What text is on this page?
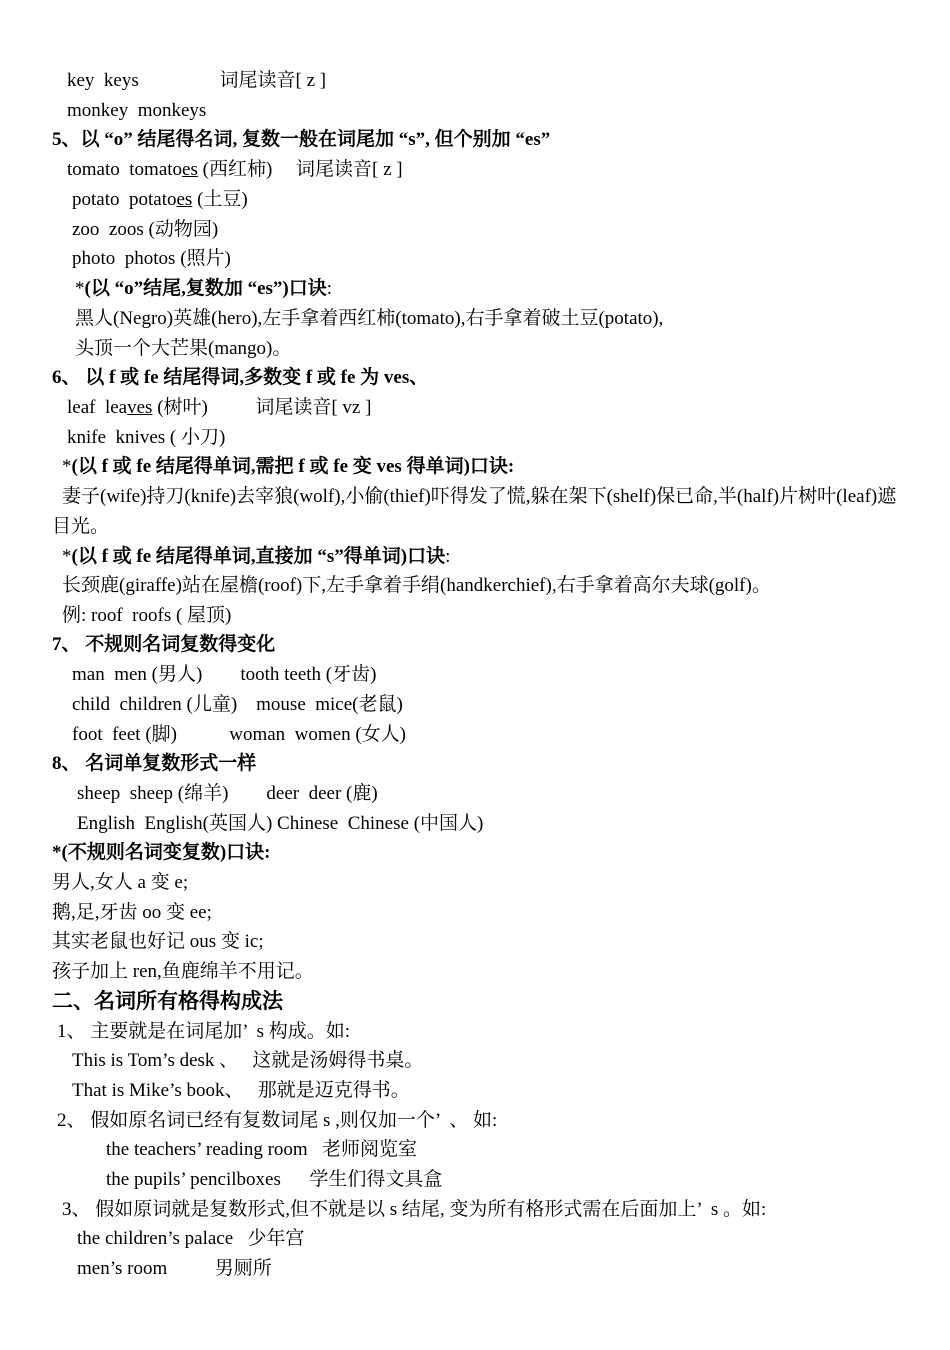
key  keys                 词尾读音[ z ]
monkey  monkeys
5、以 “o” 结尾得名词, 复数一般在词尾加 “s”, 但个别加 “es”
tomato  tomatoes (西红柿)     词尾读音[ z ]
potato  potatoes (土豆)
zoo  zoos (动物园)
photo  photos (照片)
*(以 “o”结尾,复数加 “es”)口诀:
黑人(Negro)英雄(hero),左手拿着西红柿(tomato),右手拿着破土豆(potato),
头顶一个大芒果(mango)。
6、 以 f 或 fe 结尾得词,多数变 f 或 fe 为 ves、
leaf  leaves (树叶)          词尾读音[ vz ]
knife  knives ( 小刀)
*(以 f 或 fe 结尾得单词,需把 f 或 fe 变 ves 得单词)口诀:
妻子(wife)持刀(knife)去宰狼(wolf),小偷(thief)吓得发了慌,躲在架下(shelf)保已命,半(half)片树叶(leaf)遮目光。
*(以 f 或 fe 结尾得单词,直接加 “s”得单词)口诀:
长颈鹿(giraffe)站在屋檐(roof)下,左手拿着手绢(handkerchief),右手拿着高尔夫球(golf)。
例: roof  roofs ( 屋顶)
7、 不规则名词复数得变化
man  men (男人)        tooth teeth (牙齿)
child  children (儿童)    mouse  mice(老鼠)
foot  feet (脚)           woman  women (女人)
8、 名词单复数形式一样
sheep  sheep (绵羊)        deer  deer (鹿)
English  English(英国人) Chinese  Chinese (中国人)
*(不规则名词变复数)口诀:
男人,女人 a 变 e;
鹅,足,牙齿 oo 变 ee;
其实老鼠也好记 ous 变 ic;
孩子加上 ren,鱼鹿绵羊不用记。
二、名词所有格得构成法
1、 主要就是在词尾加’  s 构成。如:
This is Tom’s desk 、   这就是汤姆得书桌。
That is Mike’s book、   那就是迈克得书。
2、 假如原名词已经有复数词尾 s ,则仅加一个’  、 如:
the teachers’ reading room   老师阅览室
the pupils’ pencilboxes      学生们得文具盒
3、 假如原词就是复数形式,但不就是以 s 结尾, 变为所有格形式需在后面加上’  s 。如:
the children’s palace   少年宫
men’s room          男厕所
